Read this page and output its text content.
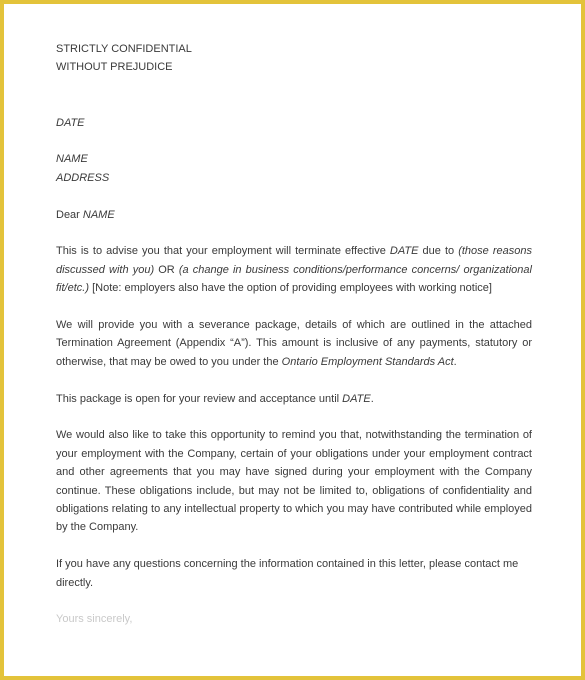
STRICTLY CONFIDENTIAL

WITHOUT PREJUDICE

DATE

NAME

ADDRESS

Dear NAME

This is to advise you that your employment will terminate effective DATE due to (those reasons discussed with you) OR (a change in business conditions/performance concerns/ organizational fit/etc.) [Note: employers also have the option of providing employees with working notice]

We will provide you with a severance package, details of which are outlined in the attached Termination Agreement (Appendix “A”). This amount is inclusive of any payments, statutory or otherwise, that may be owed to you under the Ontario Employment Standards Act.

This package is open for your review and acceptance until DATE.

We would also like to take this opportunity to remind you that, notwithstanding the termination of your employment with the Company, certain of your obligations under your employment contract and other agreements that you may have signed during your employment with the Company continue. These obligations include, but may not be limited to, obligations of confidentiality and obligations relating to any intellectual property to which you may have contributed while employed by the Company.

If you have any questions concerning the information contained in this letter, please contact me directly.

Yours sincerely,
